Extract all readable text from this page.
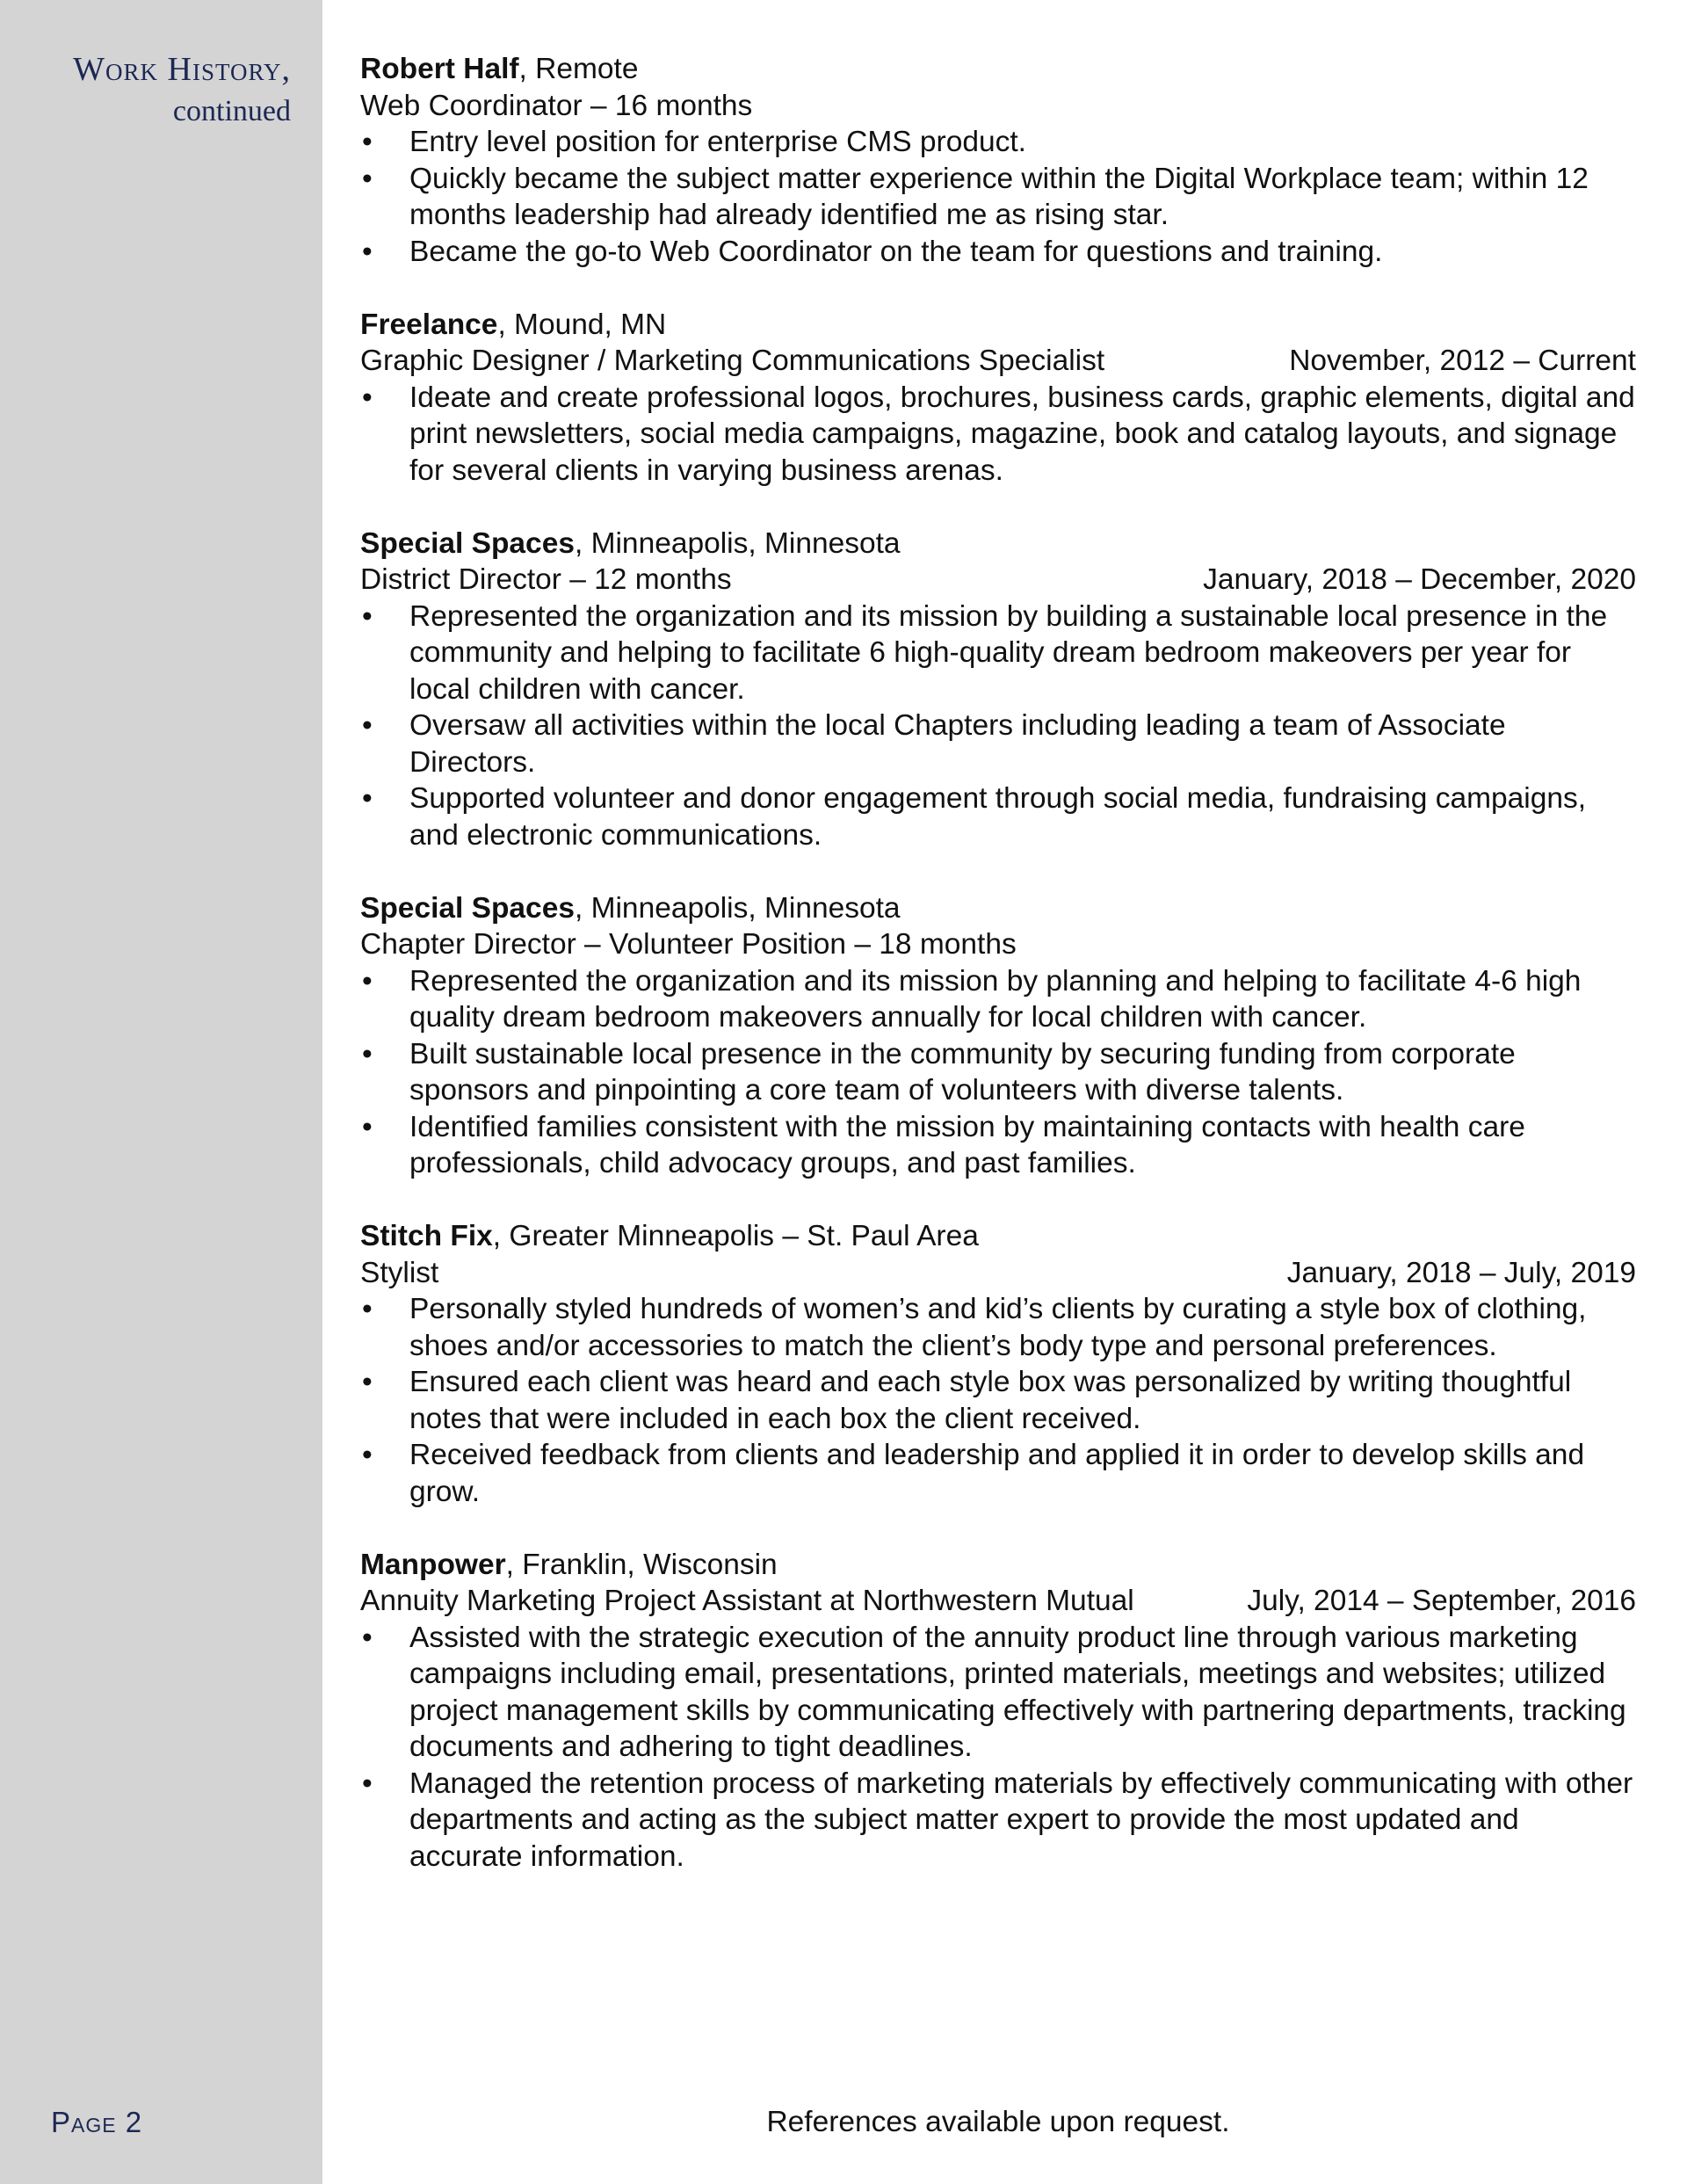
Work History,
continued
Page 2
Robert Half, Remote
Web Coordinator – 16 months
• Entry level position for enterprise CMS product.
• Quickly became the subject matter experience within the Digital Workplace team; within 12 months leadership had already identified me as rising star.
• Became the go-to Web Coordinator on the team for questions and training.
Freelance, Mound, MN
Graphic Designer / Marketing Communications Specialist	November, 2012 – Current
• Ideate and create professional logos, brochures, business cards, graphic elements, digital and print newsletters, social media campaigns, magazine, book and catalog layouts, and signage for several clients in varying business arenas.
Special Spaces, Minneapolis, Minnesota
District Director – 12 months	January, 2018 – December, 2020
• Represented the organization and its mission by building a sustainable local presence in the community and helping to facilitate 6 high-quality dream bedroom makeovers per year for local children with cancer.
• Oversaw all activities within the local Chapters including leading a team of Associate Directors.
• Supported volunteer and donor engagement through social media, fundraising campaigns, and electronic communications.
Special Spaces, Minneapolis, Minnesota
Chapter Director – Volunteer Position – 18 months
• Represented the organization and its mission by planning and helping to facilitate 4-6 high quality dream bedroom makeovers annually for local children with cancer.
• Built sustainable local presence in the community by securing funding from corporate sponsors and pinpointing a core team of volunteers with diverse talents.
• Identified families consistent with the mission by maintaining contacts with health care professionals, child advocacy groups, and past families.
Stitch Fix, Greater Minneapolis – St. Paul Area
Stylist	January, 2018 – July, 2019
• Personally styled hundreds of women’s and kid’s clients by curating a style box of clothing, shoes and/or accessories to match the client’s body type and personal preferences.
• Ensured each client was heard and each style box was personalized by writing thoughtful notes that were included in each box the client received.
• Received feedback from clients and leadership and applied it in order to develop skills and grow.
Manpower, Franklin, Wisconsin
Annuity Marketing Project Assistant at Northwestern Mutual	July, 2014 – September, 2016
• Assisted with the strategic execution of the annuity product line through various marketing campaigns including email, presentations, printed materials, meetings and websites; utilized project management skills by communicating effectively with partnering departments, tracking documents and adhering to tight deadlines.
• Managed the retention process of marketing materials by effectively communicating with other departments and acting as the subject matter expert to provide the most updated and accurate information.
References available upon request.
